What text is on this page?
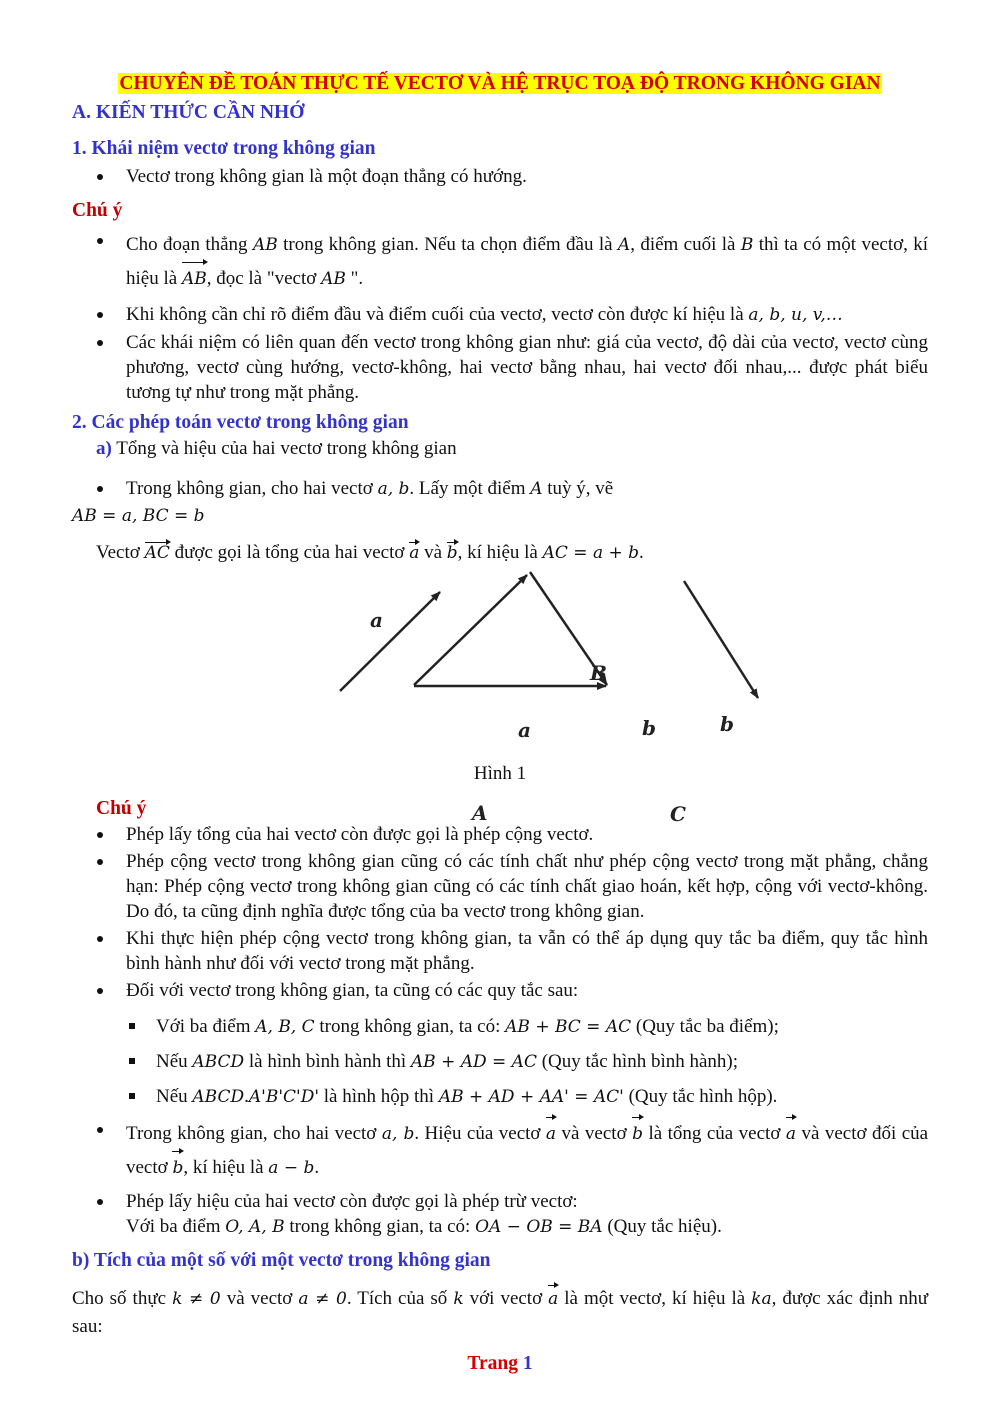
CHUYÊN ĐỀ TOÁN THỰC TẾ VECTƠ VÀ HỆ TRỤC TOẠ ĐỘ TRONG KHÔNG GIAN

A. KIẾN THỨC CẦN NHỚ
1. Khái niệm vectơ trong không gian
Vectơ trong không gian là một đoạn thẳng có hướng.
Chú ý
Cho đoạn thẳng AB trong không gian. Nếu ta chọn điểm đầu là A, điểm cuối là B thì ta có một vectơ, kí hiệu là AB, đọc là "vectơ AB ".
Khi không cần chỉ rõ điểm đầu và điểm cuối của vectơ, vectơ còn được kí hiệu là a, b, u, v,…
Các khái niệm có liên quan đến vectơ trong không gian như: giá của vectơ, độ dài của vectơ, vectơ cùng phương, vectơ cùng hướng, vectơ-không, hai vectơ bằng nhau, hai vectơ đối nhau,... được phát biểu tương tự như trong mặt phẳng.
2. Các phép toán vectơ trong không gian
a) Tổng và hiệu của hai vectơ trong không gian
Trong không gian, cho hai vectơ a, b. Lấy một điểm A tuỳ ý, vẽ
AB = a, BC = b
Vectơ AC được gọi là tổng của hai vectơ a và b, kí hiệu là AC = a + b.
a
a	b	b
A
B
C
Hình 1
Chú ý
Phép lấy tổng của hai vectơ còn được gọi là phép cộng vectơ.
Phép cộng vectơ trong không gian cũng có các tính chất như phép cộng vectơ trong mặt phẳng, chẳng hạn: Phép cộng vectơ trong không gian cũng có các tính chất giao hoán, kết hợp, cộng với vectơ-không. Do đó, ta cũng định nghĩa được tổng của ba vectơ trong không gian.
Khi thực hiện phép cộng vectơ trong không gian, ta vẫn có thể áp dụng quy tắc ba điểm, quy tắc hình bình hành như đối với vectơ trong mặt phẳng.
Đối với vectơ trong không gian, ta cũng có các quy tắc sau:
Với ba điểm A, B, C trong không gian, ta có: AB + BC = AC (Quy tắc ba điểm);
Nếu ABCD là hình bình hành thì AB + AD = AC (Quy tắc hình bình hành);
Nếu ABCD.A'B'C'D' là hình hộp thì AB + AD + AA' = AC' (Quy tắc hình hộp).
Trong không gian, cho hai vectơ a, b. Hiệu của vectơ a và vectơ b là tổng của vectơ a và vectơ đối của vectơ b, kí hiệu là a − b.
Phép lấy hiệu của hai vectơ còn được gọi là phép trừ vectơ:
Với ba điểm O, A, B trong không gian, ta có: OA − OB = BA (Quy tắc hiệu).
b) Tích của một số với một vectơ trong không gian
Cho số thực k ≠ 0 và vectơ a ≠ 0. Tích của số k với vectơ a là một vectơ, kí hiệu là ka, được xác định như sau:
Trang 1
